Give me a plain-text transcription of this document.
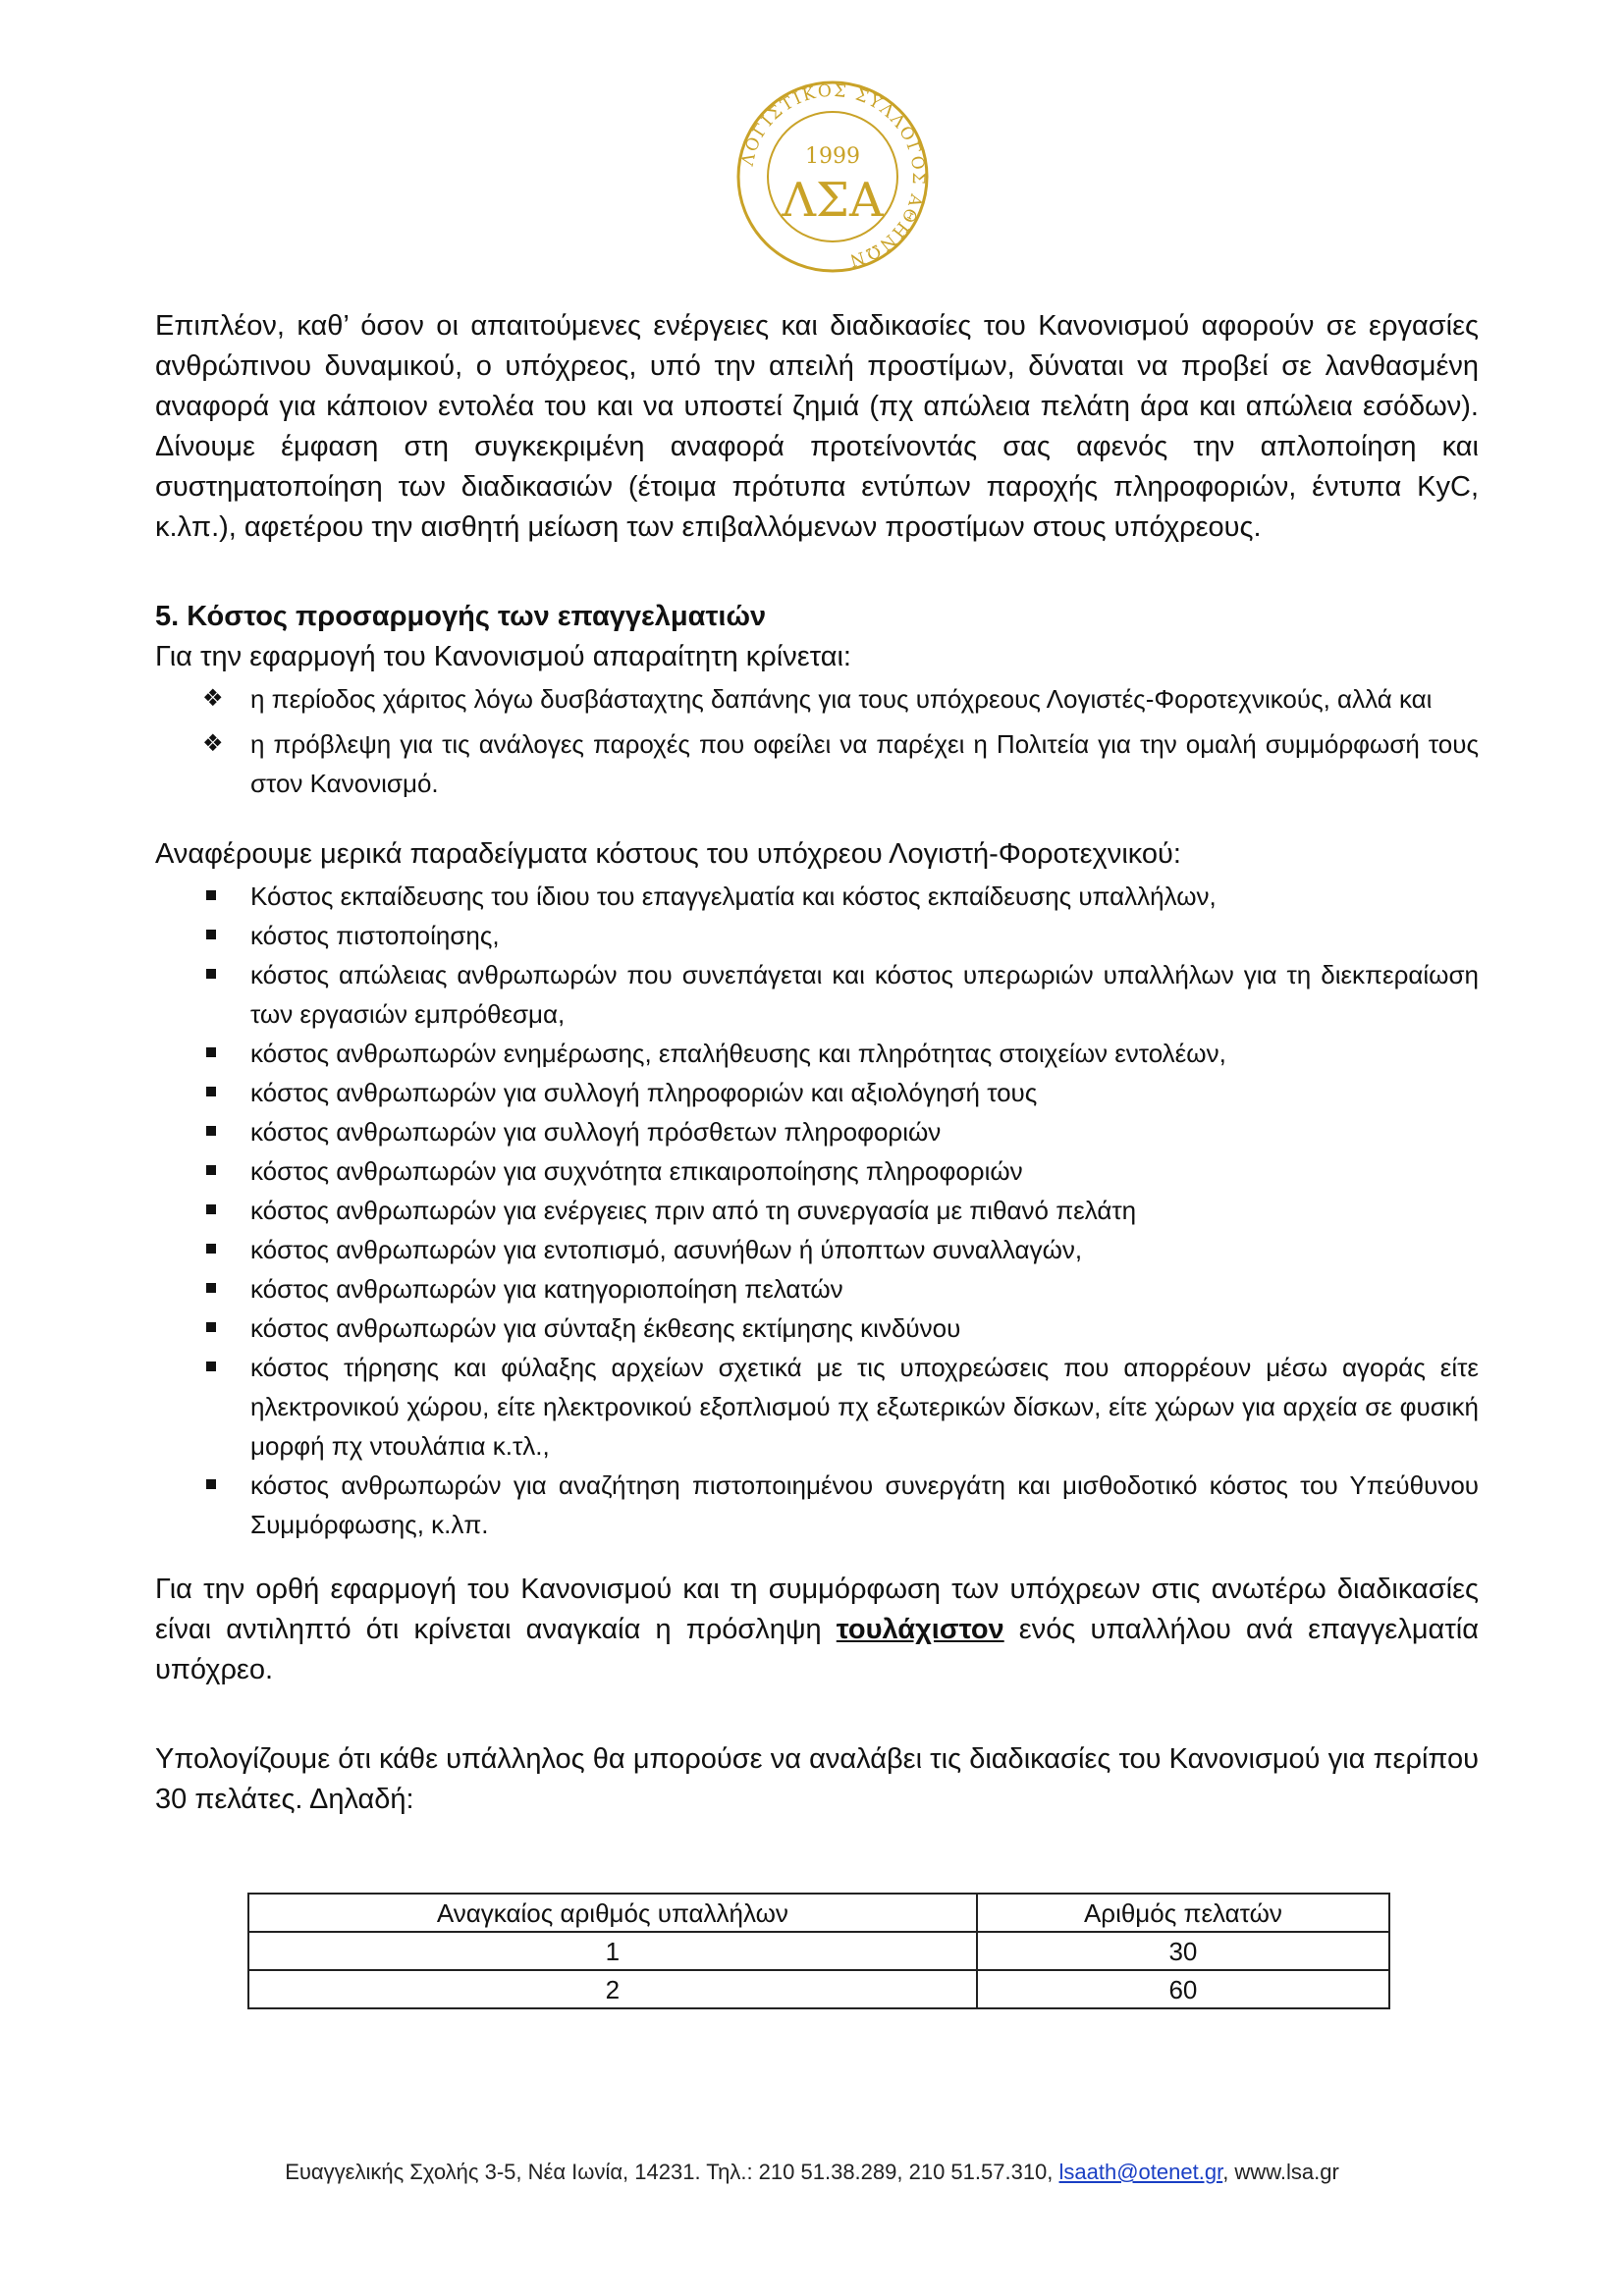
ΛΟΓΙΣΤΙΚΟΣ ΣΥΛΛΟΓΟΣ ΑΘΗΝΩΝ
1999
ΛΣΑ

Επιπλέον, καθ’ όσον οι απαιτούμενες ενέργειες και διαδικασίες του Κανονισμού αφορούν σε εργασίες ανθρώπινου δυναμικού, ο υπόχρεος, υπό την απειλή προστίμων, δύναται να προβεί σε λανθασμένη αναφορά για κάποιον εντολέα του και να υποστεί ζημιά (πχ απώλεια πελάτη άρα και απώλεια εσόδων). Δίνουμε έμφαση στη συγκεκριμένη αναφορά προτείνοντάς σας αφενός την απλοποίηση και συστηματοποίηση των διαδικασιών (έτοιμα πρότυπα εντύπων παροχής πληροφοριών, έντυπα ΚyC, κ.λπ.), αφετέρου την αισθητή μείωση των επιβαλλόμενων προστίμων στους υπόχρεους.

5. Κόστος προσαρμογής των επαγγελματιών

Για την εφαρμογή του Κανονισμού απαραίτητη κρίνεται:

❖ η περίοδος χάριτος λόγω δυσβάσταχτης δαπάνης για τους υπόχρεους Λογιστές-Φοροτεχνικούς, αλλά και
❖ η πρόβλεψη για τις ανάλογες παροχές που οφείλει να παρέχει η Πολιτεία για την ομαλή συμμόρφωσή τους στον Κανονισμό.

Αναφέρουμε μερικά παραδείγματα κόστους του υπόχρεου Λογιστή-Φοροτεχνικού:

Κόστος εκπαίδευσης του ίδιου του επαγγελματία και κόστος εκπαίδευσης υπαλλήλων,
κόστος πιστοποίησης,
κόστος απώλειας ανθρωπωρών που συνεπάγεται και κόστος υπερωριών υπαλλήλων για τη διεκπεραίωση των εργασιών εμπρόθεσμα,
κόστος ανθρωπωρών ενημέρωσης, επαλήθευσης και πληρότητας στοιχείων εντολέων,
κόστος ανθρωπωρών για συλλογή πληροφοριών και αξιολόγησή τους
κόστος ανθρωπωρών για συλλογή πρόσθετων πληροφοριών
κόστος ανθρωπωρών για συχνότητα επικαιροποίησης πληροφοριών
κόστος ανθρωπωρών για ενέργειες πριν από τη συνεργασία με πιθανό πελάτη
κόστος ανθρωπωρών για εντοπισμό, ασυνήθων ή ύποπτων συναλλαγών,
κόστος ανθρωπωρών για κατηγοριοποίηση πελατών
κόστος ανθρωπωρών για σύνταξη έκθεσης εκτίμησης κινδύνου
κόστος τήρησης και φύλαξης αρχείων σχετικά με τις υποχρεώσεις που απορρέουν μέσω αγοράς είτε ηλεκτρονικού χώρου, είτε ηλεκτρονικού εξοπλισμού πχ εξωτερικών δίσκων, είτε χώρων για αρχεία σε φυσική μορφή πχ ντουλάπια κ.τλ.,
κόστος ανθρωπωρών για αναζήτηση πιστοποιημένου συνεργάτη και μισθοδοτικό κόστος του Υπεύθυνου Συμμόρφωσης, κ.λπ.

Για την ορθή εφαρμογή του Κανονισμού και τη συμμόρφωση των υπόχρεων στις ανωτέρω διαδικασίες είναι αντιληπτό ότι κρίνεται αναγκαία η πρόσληψη τουλάχιστον ενός υπαλλήλου ανά επαγγελματία υπόχρεο.

Υπολογίζουμε ότι κάθε υπάλληλος θα μπορούσε να αναλάβει τις διαδικασίες του Κανονισμού για περίπου 30 πελάτες. Δηλαδή:

Αναγκαίος αριθμός υπαλλήλων	Αριθμός πελατών
1	30
2	60
Ευαγγελικής Σχολής 3-5, Νέα Ιωνία, 14231. Τηλ.: 210 51.38.289, 210 51.57.310, lsaath@otenet.gr, www.lsa.gr
